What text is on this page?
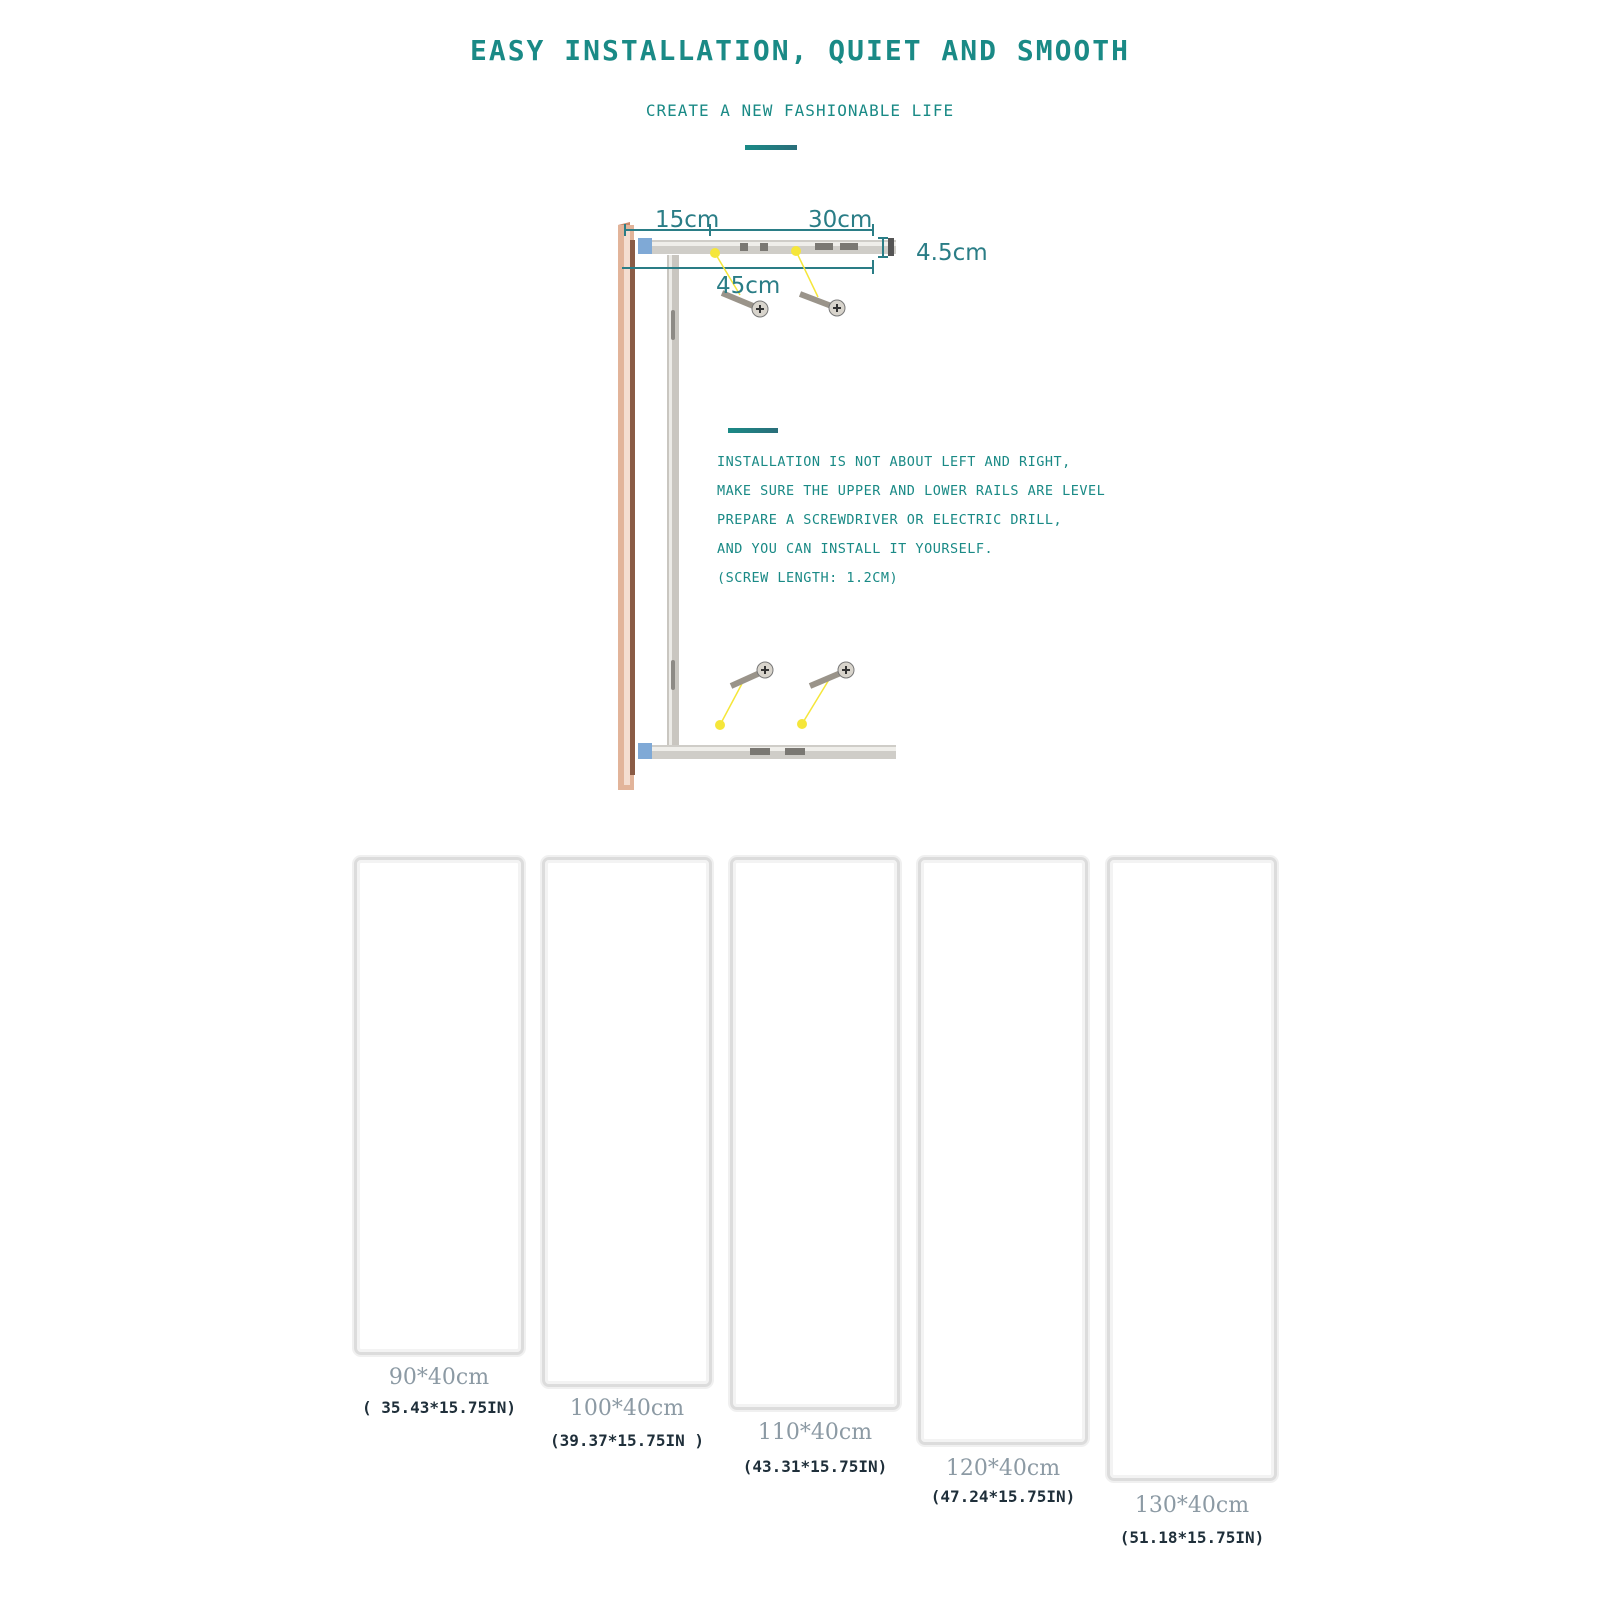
EASY INSTALLATION, QUIET AND SMOOTH
CREATE A NEW FASHIONABLE LIFE
15cm	30cm
4.5cm
45cm
INSTALLATION IS NOT ABOUT LEFT AND RIGHT,
MAKE SURE THE UPPER AND LOWER RAILS ARE LEVEL
PREPARE A SCREWDRIVER OR ELECTRIC DRILL,
AND YOU CAN INSTALL IT YOURSELF.
(SCREW LENGTH: 1.2CM)
90*40cm
( 35.43*15.75IN)	100*40cm
(39.37*15.75IN )	110*40cm
(43.31*15.75IN)	120*40cm
(47.24*15.75IN)	130*40cm
(51.18*15.75IN)
